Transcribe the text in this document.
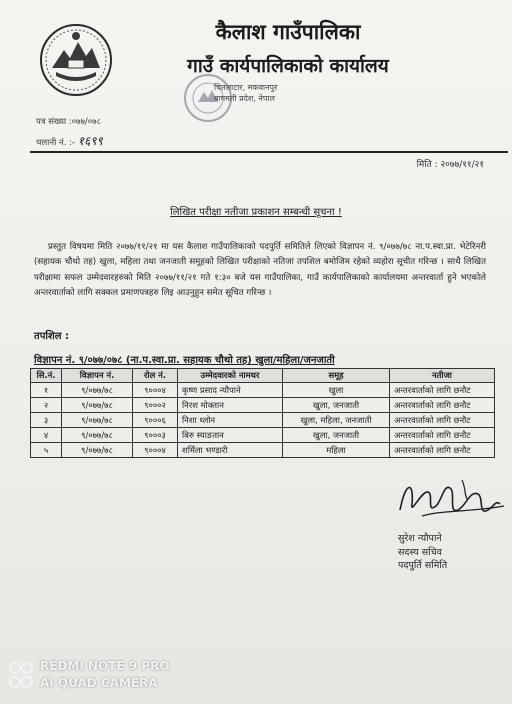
कैलाश गाउँपालिका
गाउँ कार्यपालिकाको कार्यालय
चितलाटार, मकवानपुर
बागमती प्रदेश, नेपाल
पत्र संख्या :०७७/०७८
चलानी नं. :- १६९९
मिति : २०७७/११/२१
लिखित परीक्षा नतीजा प्रकाशन सम्बन्धी सूचना !
प्रस्तुत विषयमा मिति २०७७/११/२१ मा यस कैलाश गाउँपालिकाको पदपुर्ति समितिले लिएको विज्ञापन नं. ९/०७७/७८ ना.प.स्वा.प्रा. भेटेरिनरी (सहायक चौथो तह) खुला, महिला तथा जनजाती समूहको लिखित परीक्षाको नतिजा तपशिल बमोजिम रहेको व्यहोरा सूचीत गरिन्छ । साथै लिखित परीक्षामा सफल उम्मेदवारहरुको मिति २०७७/११/२१ गते १:३० बजे यस गाउँपालिका, गाउँ कार्यपालिकाको कार्यालयमा अन्तरवार्ता हुने भएकोले अन्तरवार्ताको लागि सक्कल प्रमाणपत्रहरु लिइ आउनुहुन समेत सूचित गरिन्छ ।
तपशिल :
विज्ञापन नं. ९/०७७/०७८ (ना.प.स्वा.प्रा. सहायक चौथो तह) खुला/महिला/जनजाती
सि.नं.	विज्ञापन नं.	रोल नं.	उम्मेदवारको नामथर	समूह	नतीजा
१	९/०७७/७८	९०००४	कृष्ण प्रसाद न्यौपाने	खुला	अन्तरवार्ताको लागि छनौट
२	९/०७७/७८	९०००२	निरश मोक्तान	खुला, जनजाती	अन्तरवार्ताको लागि छनौट
३	९/०७७/७८	९०००६	निशा थ्लोन	खुला, महिला, जनजाती	अन्तरवार्ताको लागि छनौट
४	९/०७७/७८	९०००३	बिरु स्याङतान	खुला, जनजाती	अन्तरवार्ताको लागि छनौट
५	९/०७७/७८	९०००४	शर्मिला भण्डारी	महिला	अन्तरवार्ताको लागि छनौट
सुरेश न्यौपाने
सदस्य सचिव
पदपुर्ति समिति
REDMI NOTE 9 PRO
AI QUAD CAMERA
